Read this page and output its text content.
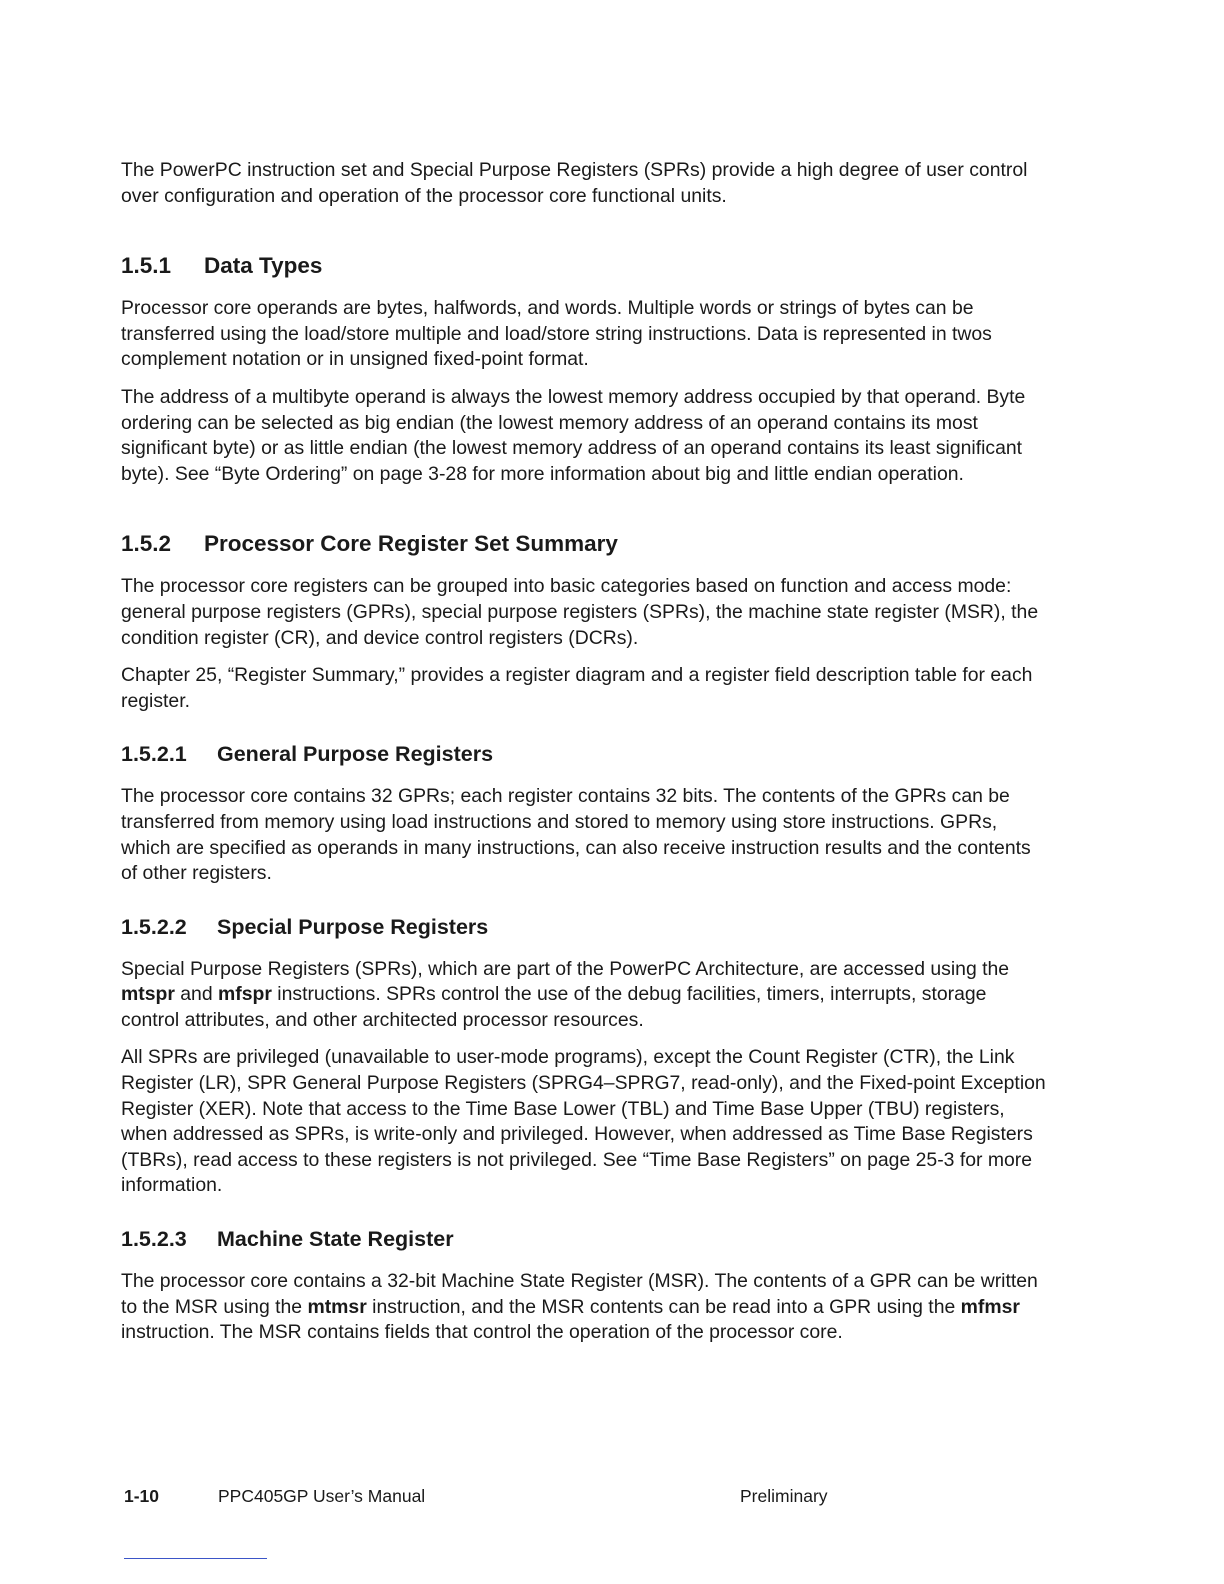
The PowerPC instruction set and Special Purpose Registers (SPRs) provide a high degree of user control over configuration and operation of the processor core functional units.

1.5.1	Data Types

Processor core operands are bytes, halfwords, and words. Multiple words or strings of bytes can be transferred using the load/store multiple and load/store string instructions. Data is represented in twos complement notation or in unsigned fixed-point format.

The address of a multibyte operand is always the lowest memory address occupied by that operand. Byte ordering can be selected as big endian (the lowest memory address of an operand contains its most significant byte) or as little endian (the lowest memory address of an operand contains its least significant byte). See “Byte Ordering” on page 3-28 for more information about big and little endian operation.

1.5.2	Processor Core Register Set Summary

The processor core registers can be grouped into basic categories based on function and access mode: general purpose registers (GPRs), special purpose registers (SPRs), the machine state register (MSR), the condition register (CR), and device control registers (DCRs).

Chapter 25, “Register Summary,” provides a register diagram and a register field description table for each register.

1.5.2.1	General Purpose Registers

The processor core contains 32 GPRs; each register contains 32 bits. The contents of the GPRs can be transferred from memory using load instructions and stored to memory using store instructions. GPRs, which are specified as operands in many instructions, can also receive instruction results and the contents of other registers.

1.5.2.2	Special Purpose Registers

Special Purpose Registers (SPRs), which are part of the PowerPC Architecture, are accessed using the mtspr and mfspr instructions. SPRs control the use of the debug facilities, timers, interrupts, storage control attributes, and other architected processor resources.

All SPRs are privileged (unavailable to user-mode programs), except the Count Register (CTR), the Link Register (LR), SPR General Purpose Registers (SPRG4–SPRG7, read-only), and the Fixed-point Exception Register (XER). Note that access to the Time Base Lower (TBL) and Time Base Upper (TBU) registers, when addressed as SPRs, is write-only and privileged. However, when addressed as Time Base Registers (TBRs), read access to these registers is not privileged. See “Time Base Registers” on page 25-3 for more information.

1.5.2.3	Machine State Register

The processor core contains a 32-bit Machine State Register (MSR). The contents of a GPR can be written to the MSR using the mtmsr instruction, and the MSR contents can be read into a GPR using the mfmsr instruction. The MSR contains fields that control the operation of the processor core.

1-10	PPC405GP User’s Manual	Preliminary
